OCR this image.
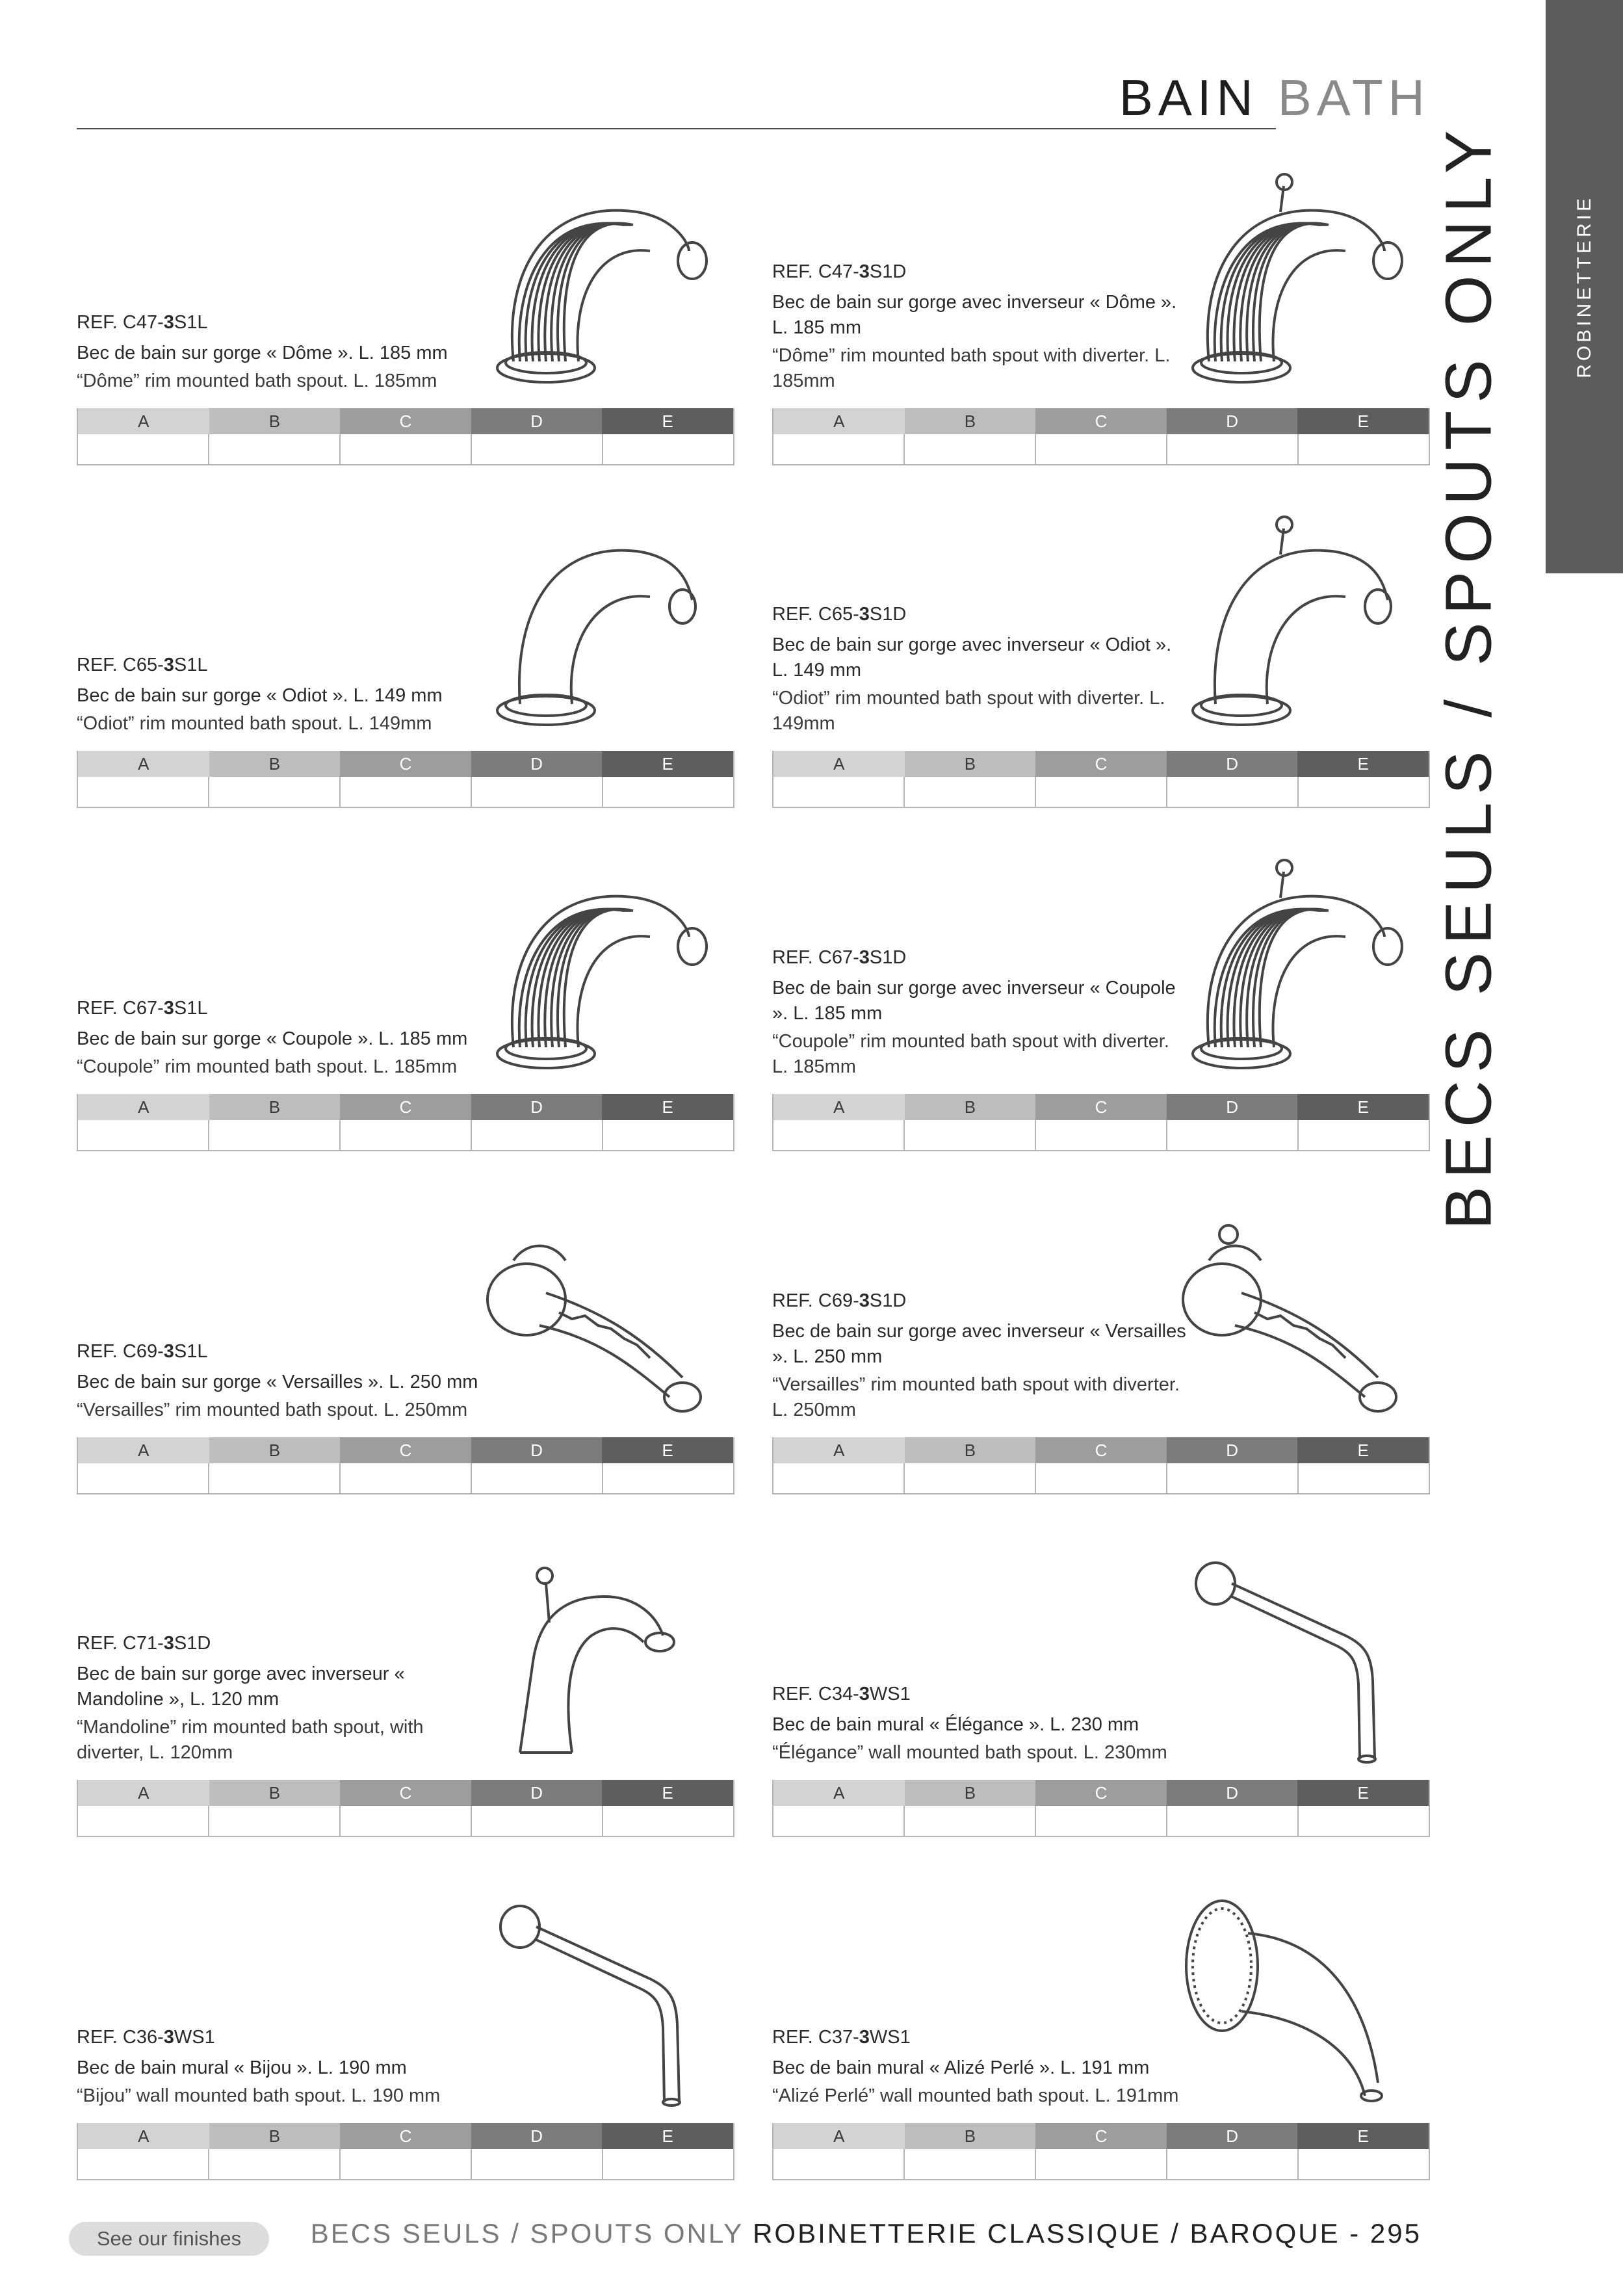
BAIN BATH
ROBINETTERIE
BECS SEULS / SPOUTS ONLY
REF. C47-3S1L

Bec de bain sur gorge « Dôme ». L. 185 mm

“Dôme” rim mounted bath spout. L. 185mm

A	B	C	D	E
REF. C47-3S1D

Bec de bain sur gorge avec inverseur « Dôme ». L. 185 mm

“Dôme” rim mounted bath spout with diverter. L. 185mm

A	B	C	D	E
REF. C65-3S1L

Bec de bain sur gorge « Odiot ». L. 149 mm

“Odiot” rim mounted bath spout. L. 149mm

A	B	C	D	E
REF. C65-3S1D

Bec de bain sur gorge avec inverseur « Odiot ». L. 149 mm

“Odiot” rim mounted bath spout with diverter. L. 149mm

A	B	C	D	E
REF. C67-3S1L

Bec de bain sur gorge « Coupole ». L. 185 mm

“Coupole” rim mounted bath spout. L. 185mm

A	B	C	D	E
REF. C67-3S1D

Bec de bain sur gorge avec inverseur « Coupole ». L. 185 mm

“Coupole” rim mounted bath spout with diverter. L. 185mm

A	B	C	D	E
REF. C69-3S1L

Bec de bain sur gorge « Versailles ». L. 250 mm

“Versailles” rim mounted bath spout. L. 250mm

A	B	C	D	E
REF. C69-3S1D

Bec de bain sur gorge avec inverseur « Versailles ». L. 250 mm

“Versailles” rim mounted bath spout with diverter. L. 250mm

A	B	C	D	E
REF. C71-3S1D

Bec de bain sur gorge avec inverseur « Mandoline », L. 120 mm

“Mandoline” rim mounted bath spout, with diverter, L. 120mm

A	B	C	D	E
REF. C34-3WS1

Bec de bain mural « Élégance ». L. 230 mm

“Élégance” wall mounted bath spout. L. 230mm

A	B	C	D	E
REF. C36-3WS1

Bec de bain mural « Bijou ». L. 190 mm

“Bijou” wall mounted bath spout. L. 190 mm

A	B	C	D	E
REF. C37-3WS1

Bec de bain mural « Alizé Perlé ». L. 191 mm

“Alizé Perlé” wall mounted bath spout. L. 191mm

A	B	C	D	E
See our finishes	BECS SEULS / SPOUTS ONLY ROBINETTERIE CLASSIQUE / BAROQUE - 295
